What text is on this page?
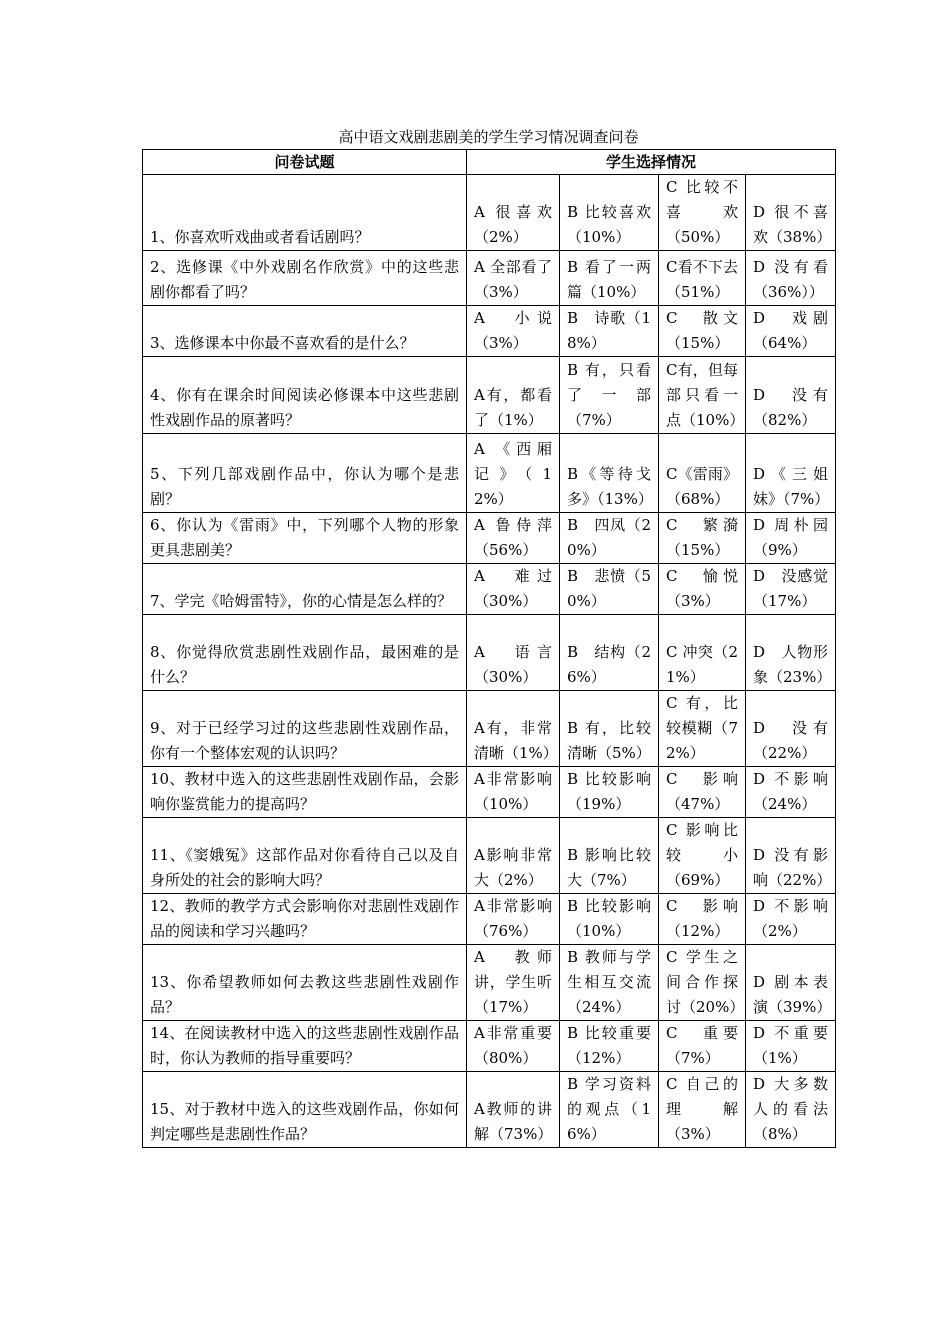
高中语文戏剧悲剧美的学生学习情况调查问卷
问卷试题	学生选择情况			
1、你喜欢听戏曲或者看话剧吗？	A 很喜欢（2%）	B 比较喜欢（10%）	C 比较不喜　　欢（50%）	D 很不喜欢（38%）
2、选修课《中外戏剧名作欣赏》中的这些悲剧你都看了吗？	A 全部看了（3%）	B 看了一两篇（10%）	C看不下去（51%）	D 没有看（36%））
3、选修课本中你最不喜欢看的是什么？	A　小说（3%）	B　诗歌（18%）	C　散文（15%）	D　戏剧（64%）
4、你有在课余时间阅读必修课本中这些悲剧性戏剧作品的原著吗？	A有，都看了（1%）	B 有，只看了　一　部（7%）	C有，但每部只看一点（10%）	D　没有（82%）
5、下列几部戏剧作品中，你认为哪个是悲剧？	A 《西厢记》（12%）	B《等待戈多》（13%）	C《雷雨》（68%）	D《三姐妹》（7%）
6、你认为《雷雨》中，下列哪个人物的形象更具悲剧美？	A 鲁侍萍（56%）	B　四凤（20%）	C　繁漪（15%）	D 周朴园（9%）
7、学完《哈姆雷特》，你的心情是怎么样的？	A　难过（30%）	B　悲愤（50%）	C　愉悦（3%）	D　没感觉（17%）
8、你觉得欣赏悲剧性戏剧作品，最困难的是什么？	A　语言（30%）	B　结构（26%）	C 冲突（21%）	D　人物形　　象（23%）
9、对于已经学习过的这些悲剧性戏剧作品，你有一个整体宏观的认识吗？	A有，非常清晰（1%）	B 有，比较清晰（5%）	C 有，比较模糊（72%）	D　没有（22%）
10、教材中选入的这些悲剧性戏剧作品，会影响你鉴赏能力的提高吗？	A非常影响（10%）	B 比较影响（19%）	C　影响（47%）	D 不影响（24%）
11、《窦娥冤》这部作品对你看待自己以及自身所处的社会的影响大吗？	A影响非常大（2%）	B 影响比较大（7%）	C 影响比较　　小（69%）	D 没有影响（22%）
12、教师的教学方式会影响你对悲剧性戏剧作品的阅读和学习兴趣吗？	A非常影响（76%）	B 比较影响（10%）	C　影响（12%）	D 不影响（2%）
13、你希望教师如何去教这些悲剧性戏剧作品？	A　教师讲，学生听（17%）	B 教师与学生相互交流（24%）	C 学生之间合作探讨（20%）	D 剧本表演（39%）
14、在阅读教材中选入的这些悲剧性戏剧作品时，你认为教师的指导重要吗？	A非常重要（80%）	B 比较重要（12%）	C　重要（7%）	D 不重要（1%）
15、对于教材中选入的这些戏剧作品，你如何判定哪些是悲剧性作品？	A教师的讲解（73%）	B 学习资料的观点（16%）	C 自己的理　解（3%）	D 大多数人的看法（8%）
